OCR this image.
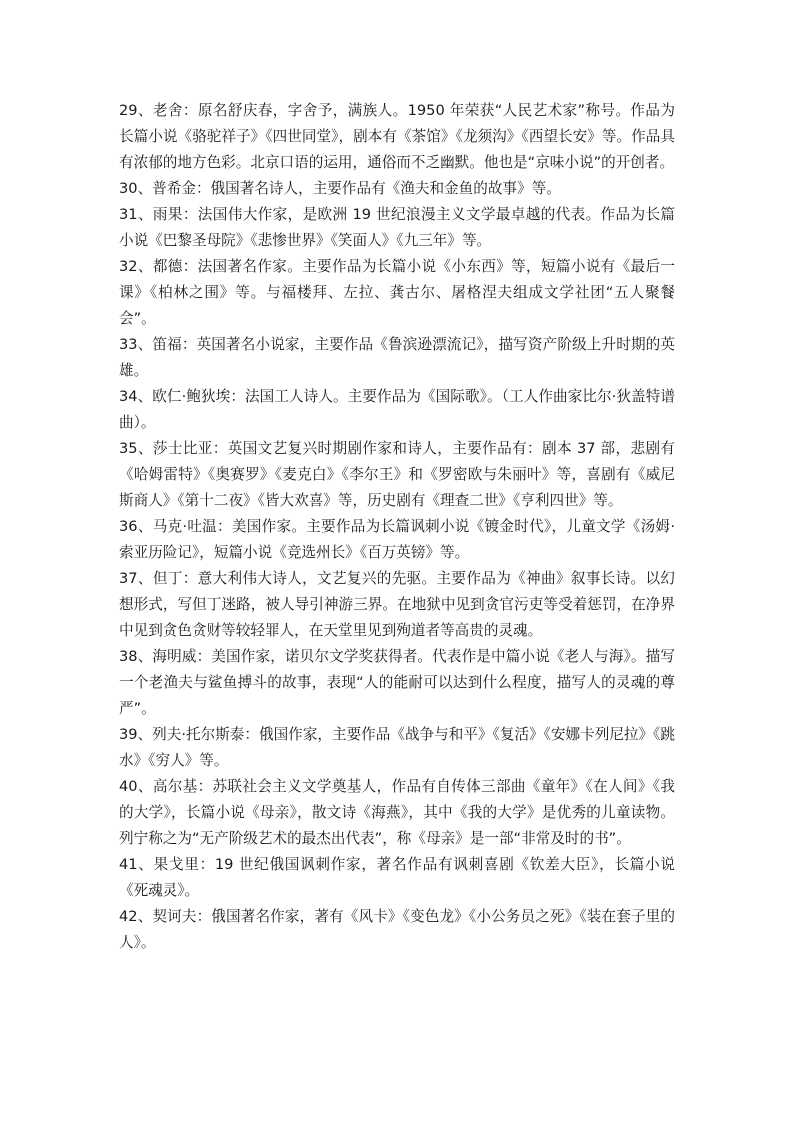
29、老舍：原名舒庆春，字舍予，满族人。1950 年荣获“人民艺术家”称号。作品为长篇小说《骆驼祥子》《四世同堂》，剧本有《茶馆》《龙须沟》《西望长安》等。作品具有浓郁的地方色彩。北京口语的运用，通俗而不乏幽默。他也是“京味小说”的开创者。

30、普希金：俄国著名诗人，主要作品有《渔夫和金鱼的故事》等。

31、雨果：法国伟大作家，是欧洲 19 世纪浪漫主义文学最卓越的代表。作品为长篇小说《巴黎圣母院》《悲惨世界》《笑面人》《九三年》等。

32、都德：法国著名作家。主要作品为长篇小说《小东西》等，短篇小说有《最后一课》《柏林之围》等。与福楼拜、左拉、龚古尔、屠格涅夫组成文学社团“五人聚餐会”。

33、笛福：英国著名小说家，主要作品《鲁滨逊漂流记》，描写资产阶级上升时期的英雄。

34、欧仁·鲍狄埃：法国工人诗人。主要作品为《国际歌》。（工人作曲家比尔·狄盖特谱曲）。

35、莎士比亚：英国文艺复兴时期剧作家和诗人，主要作品有：剧本 37 部，悲剧有《哈姆雷特》《奥赛罗》《麦克白》《李尔王》和《罗密欧与朱丽叶》等，喜剧有《威尼斯商人》《第十二夜》《皆大欢喜》等，历史剧有《理查二世》《亨利四世》等。

36、马克·吐温：美国作家。主要作品为长篇讽刺小说《镀金时代》，儿童文学《汤姆·索亚历险记》，短篇小说《竞选州长》《百万英镑》等。

37、但丁：意大利伟大诗人，文艺复兴的先驱。主要作品为《神曲》叙事长诗。以幻想形式，写但丁迷路，被人导引神游三界。在地狱中见到贪官污吏等受着惩罚，在净界中见到贪色贪财等较轻罪人，在天堂里见到殉道者等高贵的灵魂。

38、海明威：美国作家，诺贝尔文学奖获得者。代表作是中篇小说《老人与海》。描写一个老渔夫与鲨鱼搏斗的故事，表现“人的能耐可以达到什么程度，描写人的灵魂的尊严”。

39、列夫·托尔斯泰：俄国作家，主要作品《战争与和平》《复活》《安娜卡列尼拉》《跳水》《穷人》等。

40、高尔基：苏联社会主义文学奠基人，作品有自传体三部曲《童年》《在人间》《我的大学》，长篇小说《母亲》，散文诗《海燕》，其中《我的大学》是优秀的儿童读物。列宁称之为“无产阶级艺术的最杰出代表”，称《母亲》是一部“非常及时的书”。

41、果戈里：19 世纪俄国讽刺作家，著名作品有讽刺喜剧《钦差大臣》，长篇小说《死魂灵》。

42、契诃夫：俄国著名作家，著有《风卡》《变色龙》《小公务员之死》《装在套子里的人》。
